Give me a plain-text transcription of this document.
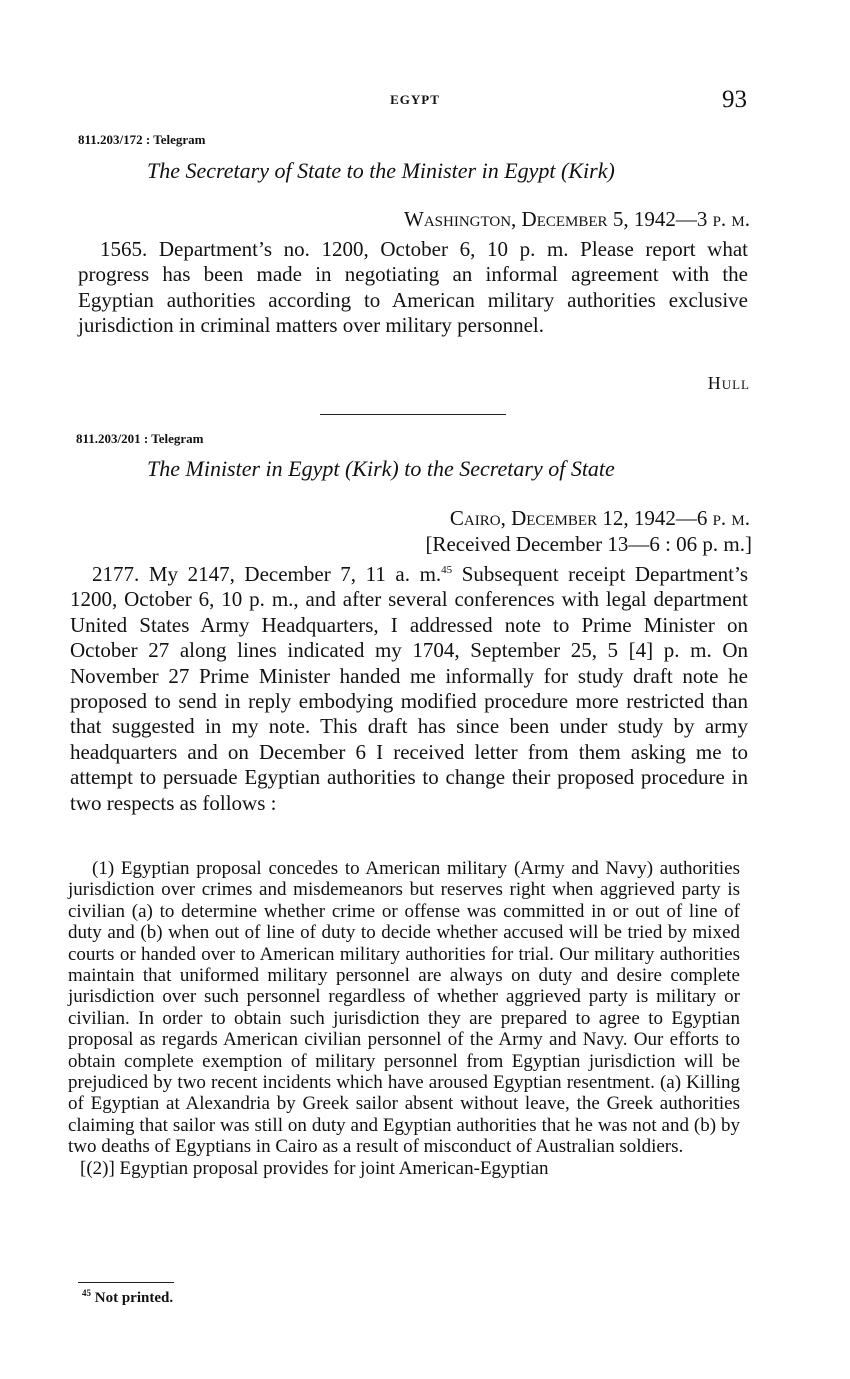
EGYPT	93
811.203/172 : Telegram
The Secretary of State to the Minister in Egypt (Kirk)
Washington, December 5, 1942—3 p. m.

1565. Department’s no. 1200, October 6, 10 p. m. Please report what progress has been made in negotiating an informal agreement with the Egyptian authorities according to American military authorities exclusive jurisdiction in criminal matters over military personnel.

Hull
811.203/201 : Telegram
The Minister in Egypt (Kirk) to the Secretary of State
Cairo, December 12, 1942—6 p. m.
[Received December 13—6 : 06 p. m.]

2177. My 2147, December 7, 11 a. m.$^{45}$ Subsequent receipt Department’s 1200, October 6, 10 p. m., and after several conferences with legal department United States Army Headquarters, I addressed note to Prime Minister on October 27 along lines indicated my 1704, September 25, 5 [4] p. m. On November 27 Prime Minister handed me informally for study draft note he proposed to send in reply embodying modified procedure more restricted than that suggested in my note. This draft has since been under study by army headquarters and on December 6 I received letter from them asking me to attempt to persuade Egyptian authorities to change their proposed procedure in two respects as follows :

(1) Egyptian proposal concedes to American military (Army and Navy) authorities jurisdiction over crimes and misdemeanors but reserves right when aggrieved party is civilian (a) to determine whether crime or offense was committed in or out of line of duty and (b) when out of line of duty to decide whether accused will be tried by mixed courts or handed over to American military authorities for trial. Our military authorities maintain that uniformed military personnel are always on duty and desire complete jurisdiction over such personnel regardless of whether aggrieved party is military or civilian. In order to obtain such jurisdiction they are prepared to agree to Egyptian proposal as regards American civilian personnel of the Army and Navy. Our efforts to obtain complete exemption of military personnel from Egyptian jurisdiction will be prejudiced by two recent incidents which have aroused Egyptian resentment. (a) Killing of Egyptian at Alexandria by Greek sailor absent without leave, the Greek authorities claiming that sailor was still on duty and Egyptian authorities that he was not and (b) by two deaths of Egyptians in Cairo as a result of misconduct of Australian soldiers.

[(2)] Egyptian proposal provides for joint American-Egyptian

$^{45}$ Not printed.
